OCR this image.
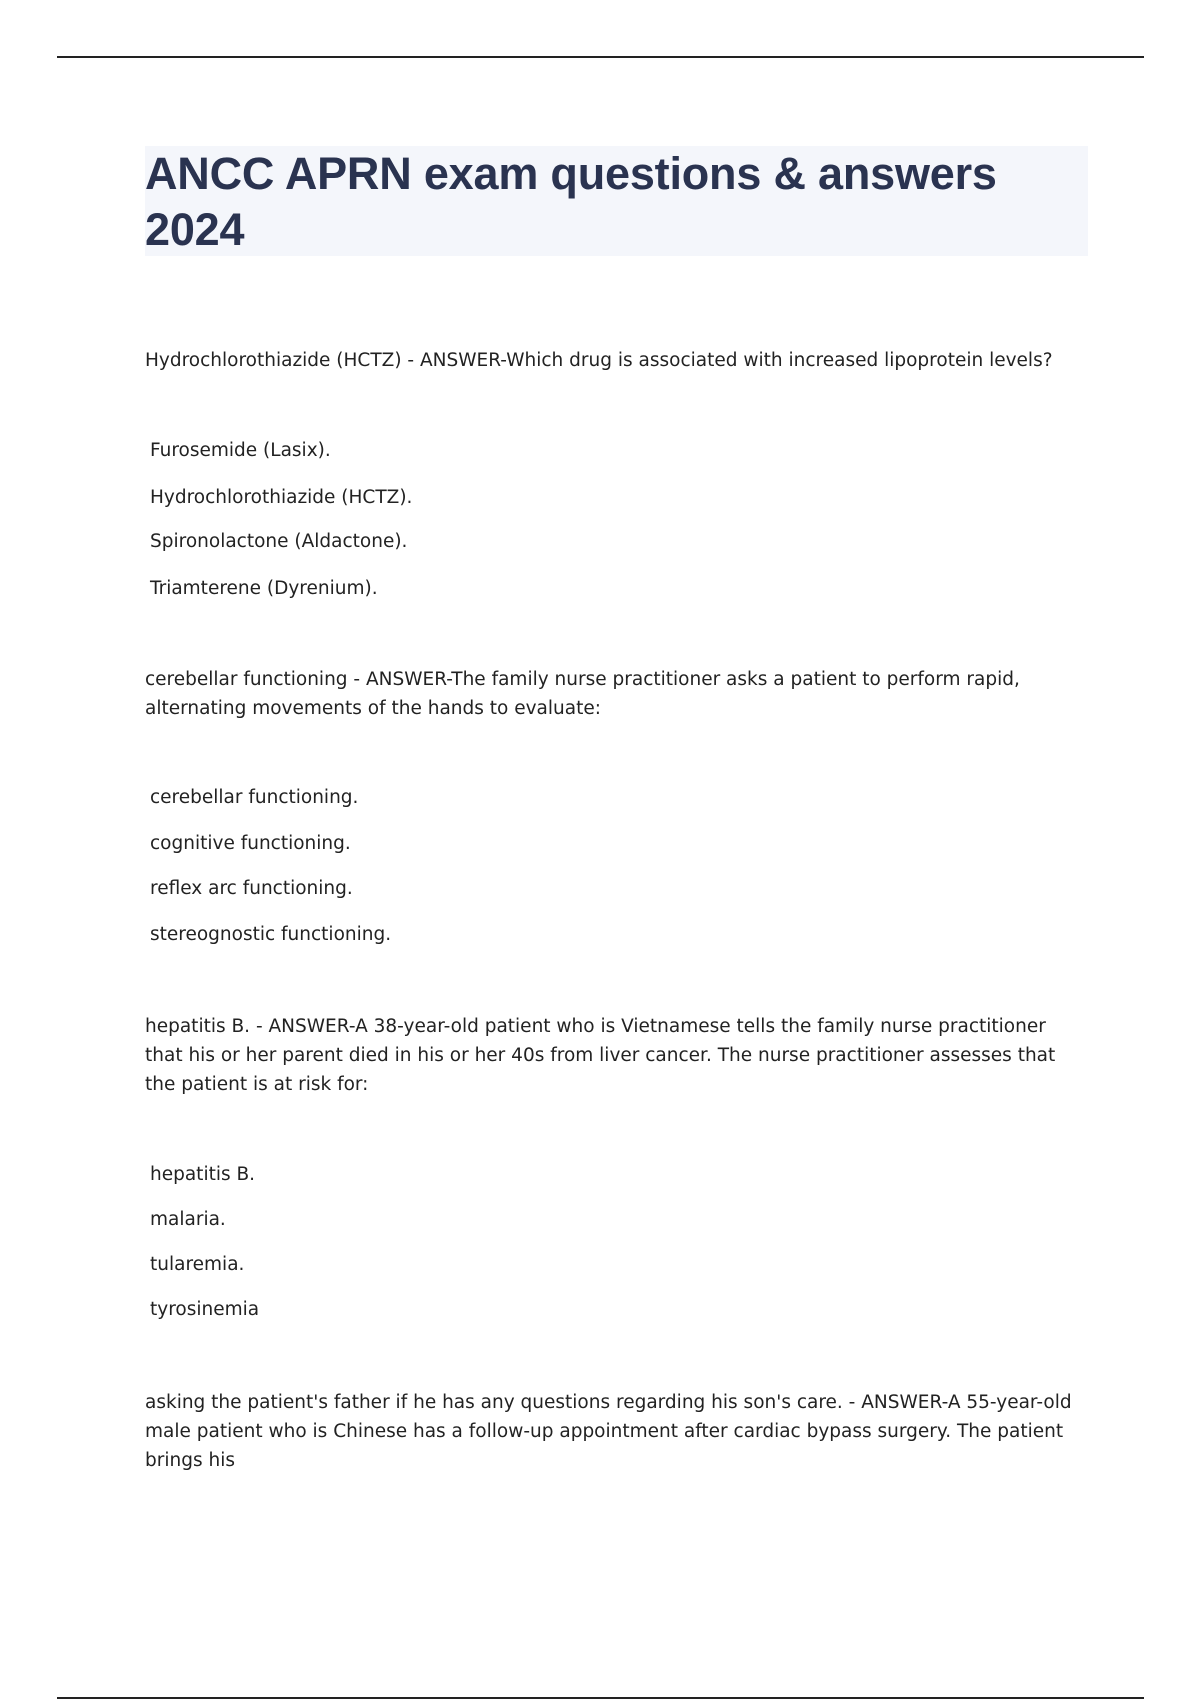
ANCC APRN exam questions & answers 2024

Hydrochlorothiazide (HCTZ) - ANSWER-Which drug is associated with increased lipoprotein levels?

Furosemide (Lasix).

Hydrochlorothiazide (HCTZ).

Spironolactone (Aldactone).

Triamterene (Dyrenium).

cerebellar functioning - ANSWER-The family nurse practitioner asks a patient to perform rapid, alternating movements of the hands to evaluate:

cerebellar functioning.

cognitive functioning.

reflex arc functioning.

stereognostic functioning.

hepatitis B. - ANSWER-A 38-year-old patient who is Vietnamese tells the family nurse practitioner that his or her parent died in his or her 40s from liver cancer. The nurse practitioner assesses that the patient is at risk for:

hepatitis B.

malaria.

tularemia.

tyrosinemia

asking the patient's father if he has any questions regarding his son's care. - ANSWER-A 55-year-old male patient who is Chinese has a follow-up appointment after cardiac bypass surgery. The patient brings his
